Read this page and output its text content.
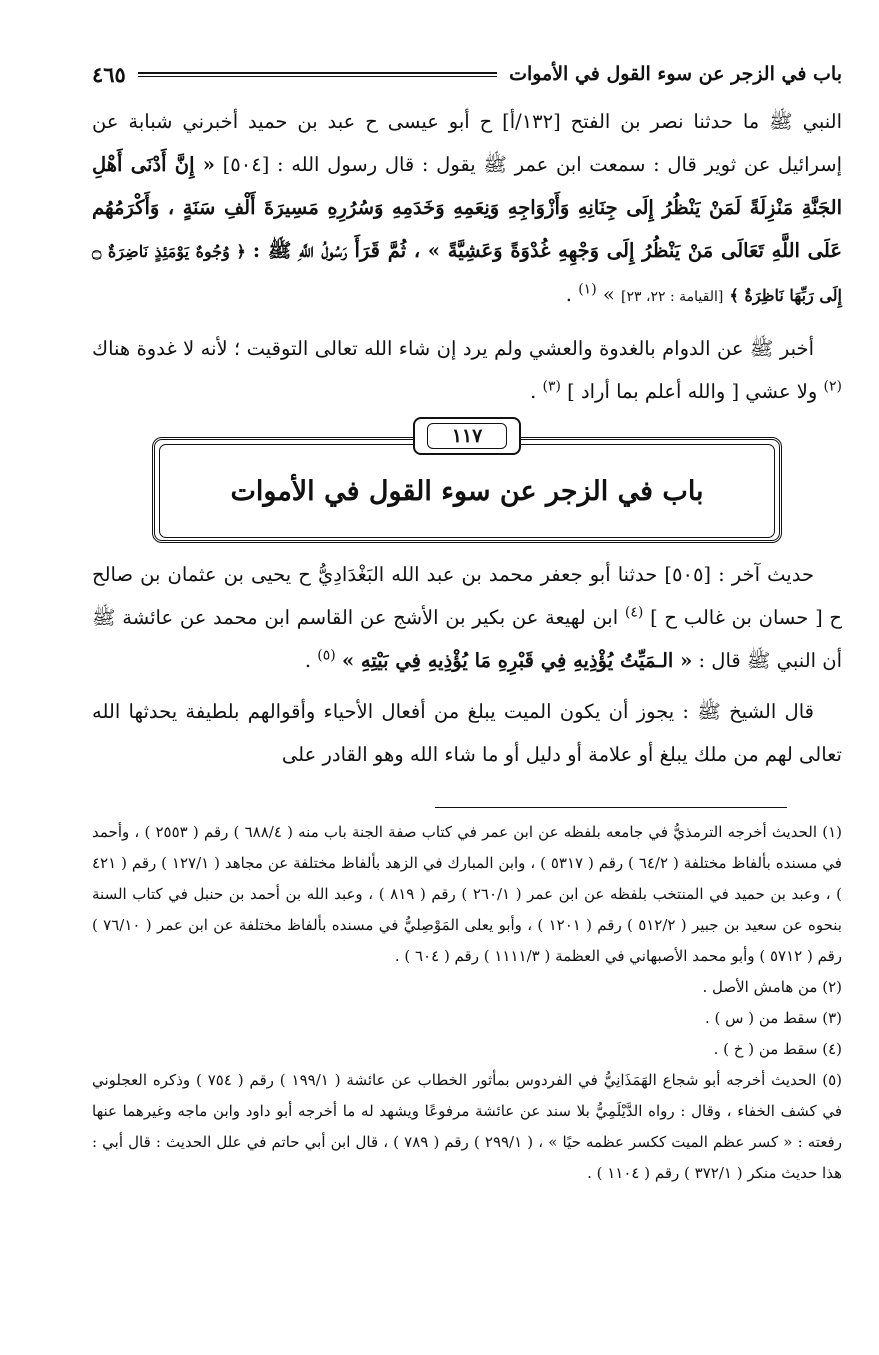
باب في الزجر عن سوء القول في الأموات
٤٦٥

النبي ﷺ ما حدثنا نصر بن الفتح [١٣٢/أ] ح أبو عيسى ح عبد بن حميد أخبرني شبابة عن إسرائيل عن ثوير قال : سمعت ابن عمر ﷺ يقول : قال رسول الله : [٥٠٤] « إِنَّ أَدْنَى أَهْلِ الجَنَّةِ مَنْزِلَةً لَمَنْ يَنْظُرُ إِلَى جِنَانِهِ وَأَزْوَاجِهِ وَنِعَمِهِ وَخَدَمِهِ وَسُرُرِهِ مَسِيرَةَ أَلْفِ سَنَةٍ ، وَأَكْرَمُهُم عَلَى اللَّهِ تَعَالَى مَنْ يَنْظُرُ إِلَى وَجْهِهِ غُدْوَةً وَعَشِيَّةً » ، ثُمَّ قَرَأَ رَسُولُ اللَّهِ ﷺ : ﴿ وُجُوهٌ يَوْمَئِذٍ نَاضِرَةٌ ۝ إِلَى رَبِّهَا نَاظِرَةٌ ﴾ [القيامة : ٢٢، ٢٣] » $^{(١)}$ .

أخبر ﷺ عن الدوام بالغدوة والعشي ولم يرد إن شاء الله تعالى التوقيت ؛ لأنه لا غدوة هناك $^{(٢)}$ ولا عشي [ والله أعلم بما أراد ] $^{(٣)}$ .

١١٧
باب في الزجر عن سوء القول في الأموات

حديث آخر : [٥٠٥] حدثنا أبو جعفر محمد بن عبد الله البَغْدَادِيُّ ح يحيى بن عثمان بن صالح ح [ حسان بن غالب ح ] $^{(٤)}$ ابن لهيعة عن بكير بن الأشج عن القاسم ابن محمد عن عائشة ﷺ أن النبي ﷺ قال : « الـمَيِّتُ يُؤْذِيهِ فِي قَبْرِهِ مَا يُؤْذِيهِ فِي بَيْتِهِ » $^{(٥)}$ .

قال الشيخ ﷺ : يجوز أن يكون الميت يبلغ من أفعال الأحياء وأقوالهم بلطيفة يحدثها الله تعالى لهم من ملك يبلغ أو علامة أو دليل أو ما شاء الله وهو القادر على

(١) الحديث أخرجه الترمذيُّ في جامعه بلفظه عن ابن عمر في كتاب صفة الجنة باب منه ( ٦٨٨/٤ ) رقم ( ٢٥٥٣ ) ، وأحمد في مسنده بألفاظ مختلفة ( ٦٤/٢ ) رقم ( ٥٣١٧ ) ، وابن المبارك في الزهد بألفاظ مختلفة عن مجاهد ( ١٢٧/١ ) رقم ( ٤٢١ ) ، وعبد بن حميد في المنتخب بلفظه عن ابن عمر ( ٢٦٠/١ ) رقم ( ٨١٩ ) ، وعبد الله بن أحمد بن حنبل في كتاب السنة بنحوه عن سعيد بن جبير ( ٥١٢/٢ ) رقم ( ١٢٠١ ) ، وأبو يعلى المَوْصِليُّ في مسنده بألفاظ مختلفة عن ابن عمر ( ٧٦/١٠ ) رقم ( ٥٧١٢ ) وأبو محمد الأصبهاني في العظمة ( ١١١١/٣ ) رقم ( ٦٠٤ ) .

(٢) من هامش الأصل .

(٣) سقط من ( س ) .

(٤) سقط من ( خ ) .

(٥) الحديث أخرجه أبو شجاع الهَمَذَانِيُّ في الفردوس بمأثور الخطاب عن عائشة ( ١٩٩/١ ) رقم ( ٧٥٤ ) وذكره العجلوني في كشف الخفاء ، وقال : رواه الدَّيْلَمِيُّ بلا سند عن عائشة مرفوعًا ويشهد له ما أخرجه أبو داود وابن ماجه وغيرهما عنها رفعته : « كسر عظم الميت ككسر عظمه حيًا » ، ( ٢٩٩/١ ) رقم ( ٧٨٩ ) ، قال ابن أبي حاتم في علل الحديث : قال أبي : هذا حديث منكر ( ٣٧٢/١ ) رقم ( ١١٠٤ ) .
